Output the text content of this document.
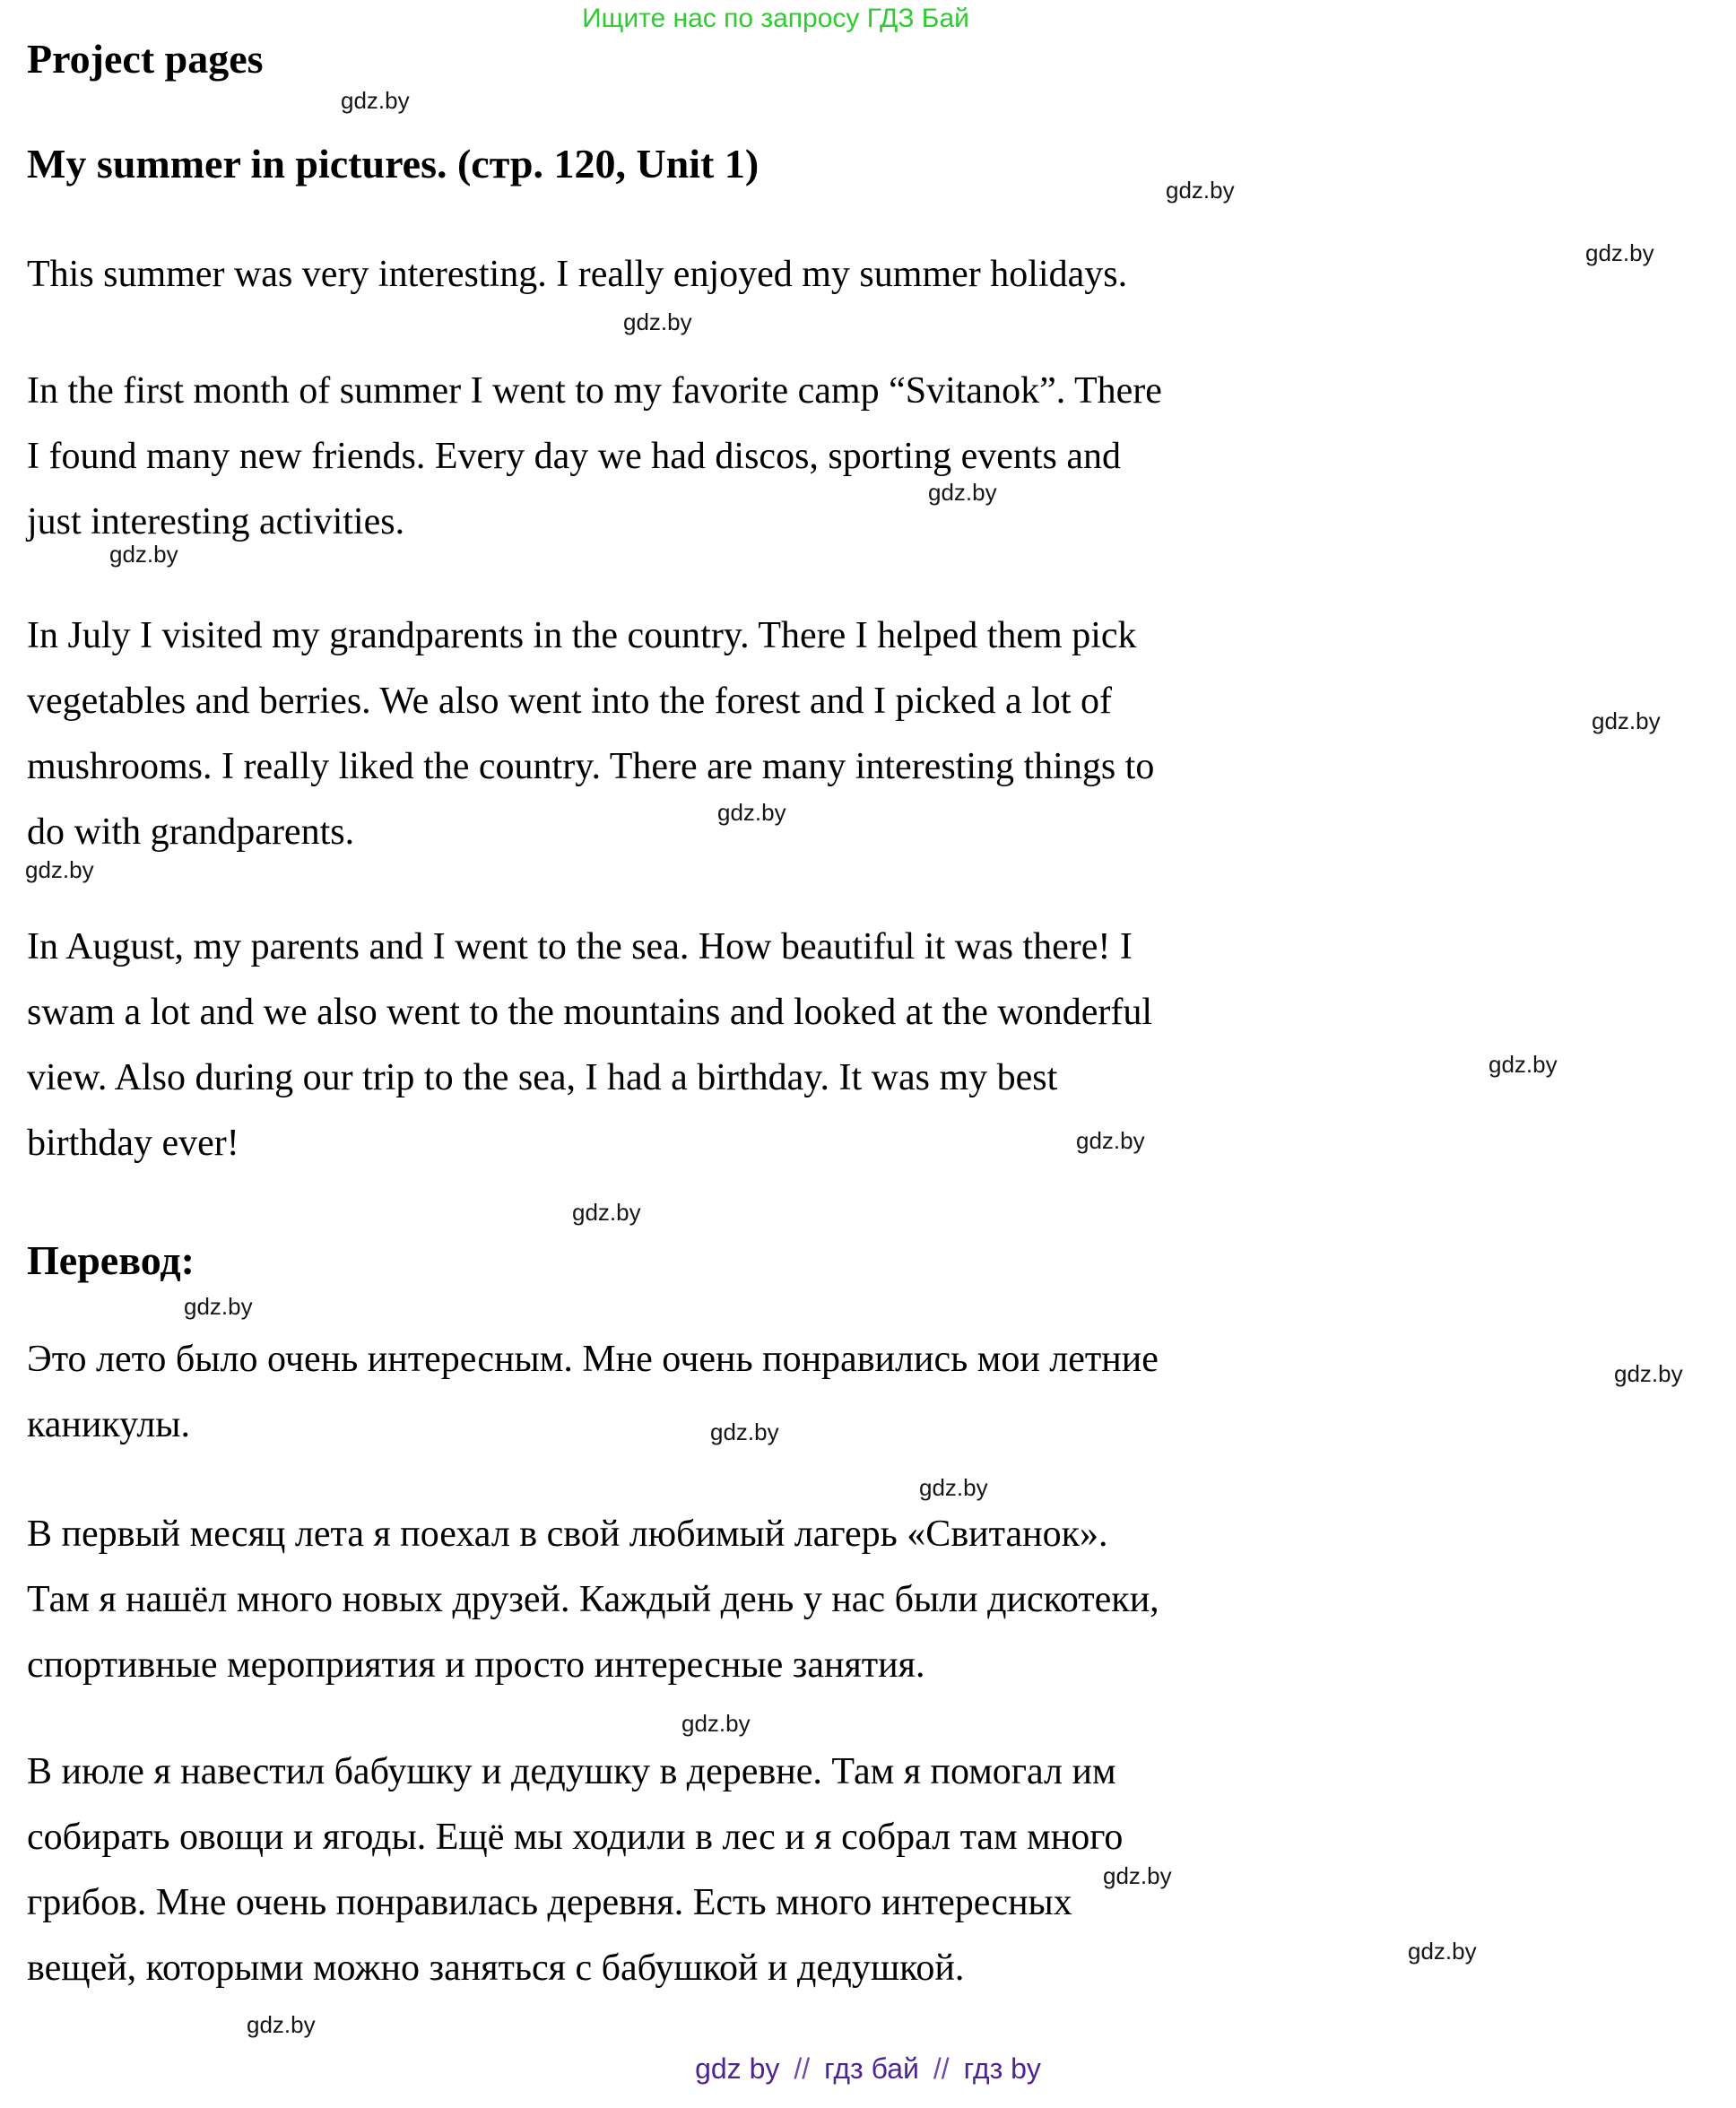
Ищите нас по запросу ГДЗ Бай
Project pages
My summer in pictures. (стр. 120, Unit 1)
This summer was very interesting. I really enjoyed my summer holidays.
In the first month of summer I went to my favorite camp “Svitanok”. There
I found many new friends. Every day we had discos, sporting events and
just interesting activities.
In July I visited my grandparents in the country. There I helped them pick
vegetables and berries. We also went into the forest and I picked a lot of
mushrooms. I really liked the country. There are many interesting things to
do with grandparents.
In August, my parents and I went to the sea. How beautiful it was there! I
swam a lot and we also went to the mountains and looked at the wonderful
view. Also during our trip to the sea, I had a birthday. It was my best
birthday ever!
Перевод:
Это лето было очень интересным. Мне очень понравились мои летние
каникулы.
В первый месяц лета я поехал в свой любимый лагерь «Свитанок».
Там я нашёл много новых друзей. Каждый день у нас были дискотеки,
спортивные мероприятия и просто интересные занятия.
В июле я навестил бабушку и дедушку в деревне. Там я помогал им
собирать овощи и ягоды. Ещё мы ходили в лес и я собрал там много
грибов. Мне очень понравилась деревня. Есть много интересных
вещей, которыми можно заняться с бабушкой и дедушкой.
gdz by // гдз бай // гдз by
gdz.by
gdz.by
gdz.by
gdz.by
gdz.by
gdz.by
gdz.by
gdz.by
gdz.by
gdz.by
gdz.by
gdz.by
gdz.by
gdz.by
gdz.by
gdz.by
gdz.by
gdz.by
gdz.by
gdz.by
